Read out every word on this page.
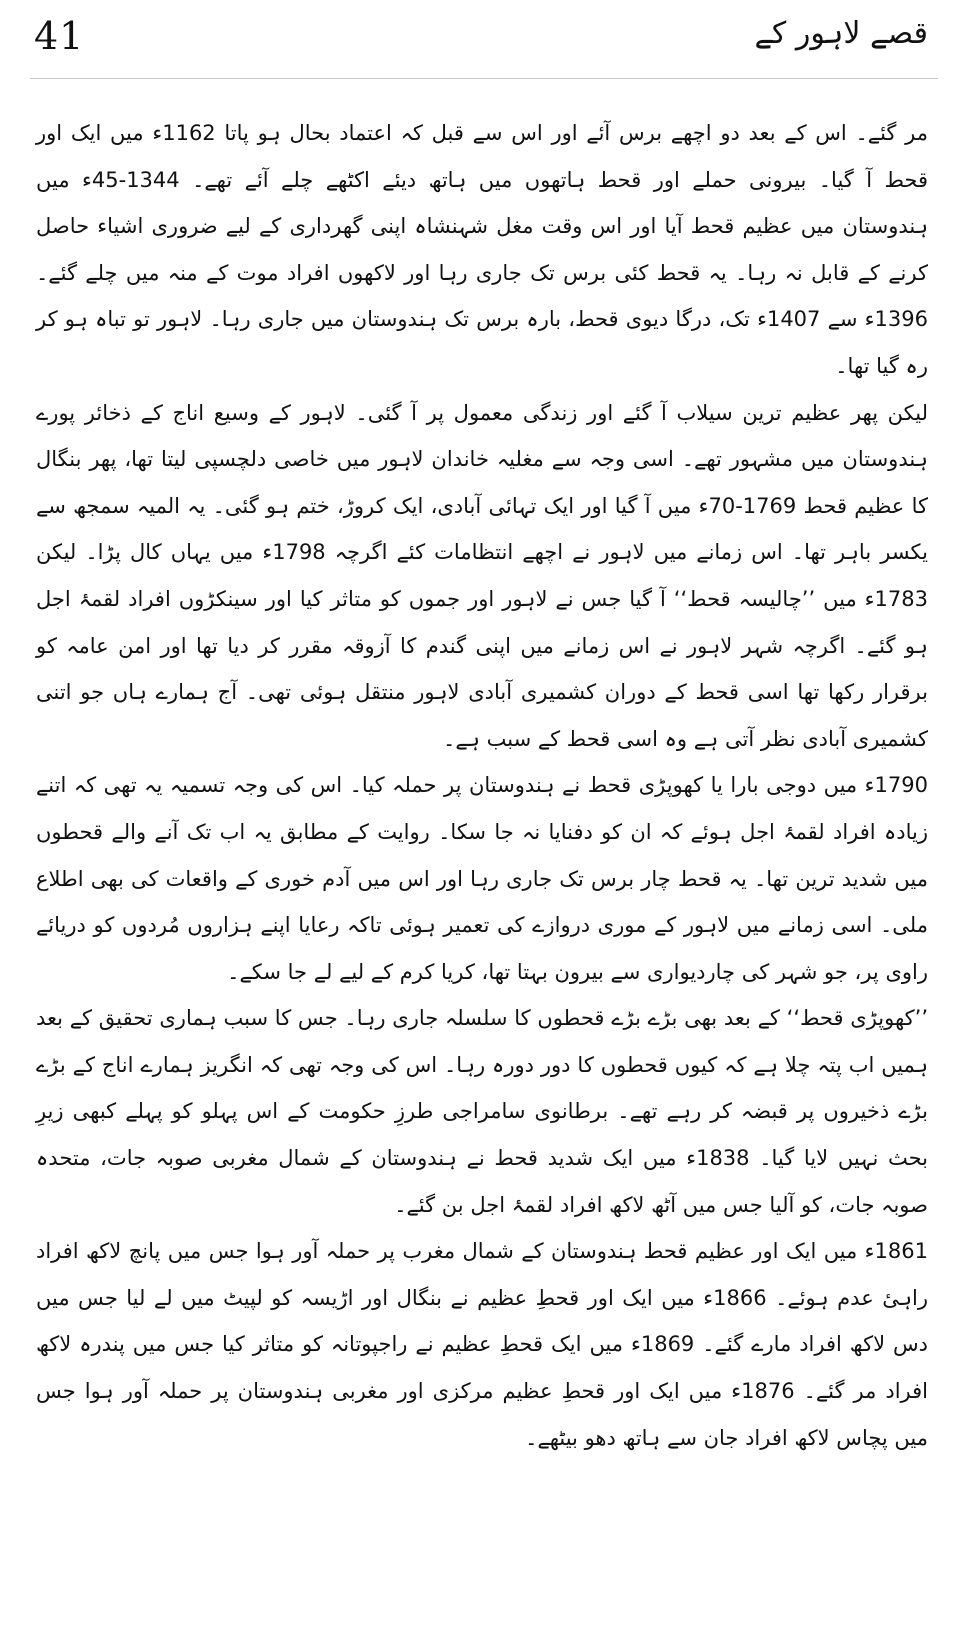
41	قصے لاہور کے

مر گئے۔ اس کے بعد دو اچھے برس آئے اور اس سے قبل کہ اعتماد بحال ہو پاتا 1162ء میں ایک اور قحط آ گیا۔ بیرونی حملے اور قحط ہاتھوں میں ہاتھ دیئے اکٹھے چلے آئے تھے۔ 1344-45ء میں ہندوستان میں عظیم قحط آیا اور اس وقت مغل شہنشاہ اپنی گھرداری کے لیے ضروری اشیاء حاصل کرنے کے قابل نہ رہا۔ یہ قحط کئی برس تک جاری رہا اور لاکھوں افراد موت کے منہ میں چلے گئے۔ 1396ء سے 1407ء تک، درگا دیوی قحط، بارہ برس تک ہندوستان میں جاری رہا۔ لاہور تو تباہ ہو کر رہ گیا تھا۔

لیکن پھر عظیم ترین سیلاب آ گئے اور زندگی معمول پر آ گئی۔ لاہور کے وسیع اناج کے ذخائر پورے ہندوستان میں مشہور تھے۔ اسی وجہ سے مغلیہ خاندان لاہور میں خاصی دلچسپی لیتا تھا، پھر بنگال کا عظیم قحط 1769-70ء میں آ گیا اور ایک تہائی آبادی، ایک کروڑ، ختم ہو گئی۔ یہ المیہ سمجھ سے یکسر باہر تھا۔ اس زمانے میں لاہور نے اچھے انتظامات کئے اگرچہ 1798ء میں یہاں کال پڑا۔ لیکن 1783ء میں ’’چالیسہ قحط‘‘ آ گیا جس نے لاہور اور جموں کو متاثر کیا اور سینکڑوں افراد لقمۂ اجل ہو گئے۔ اگرچہ شہر لاہور نے اس زمانے میں اپنی گندم کا آزوقہ مقرر کر دیا تھا اور امن عامہ کو برقرار رکھا تھا اسی قحط کے دوران کشمیری آبادی لاہور منتقل ہوئی تھی۔ آج ہمارے ہاں جو اتنی کشمیری آبادی نظر آتی ہے وہ اسی قحط کے سبب ہے۔

1790ء میں دوجی بارا یا کھوپڑی قحط نے ہندوستان پر حملہ کیا۔ اس کی وجہ تسمیہ یہ تھی کہ اتنے زیادہ افراد لقمۂ اجل ہوئے کہ ان کو دفنایا نہ جا سکا۔ روایت کے مطابق یہ اب تک آنے والے قحطوں میں شدید ترین تھا۔ یہ قحط چار برس تک جاری رہا اور اس میں آدم خوری کے واقعات کی بھی اطلاع ملی۔ اسی زمانے میں لاہور کے موری دروازے کی تعمیر ہوئی تاکہ رعایا اپنے ہزاروں مُردوں کو دریائے راوی پر، جو شہر کی چاردیواری سے بیرون بہتا تھا، کریا کرم کے لیے لے جا سکے۔

’’کھوپڑی قحط‘‘ کے بعد بھی بڑے بڑے قحطوں کا سلسلہ جاری رہا۔ جس کا سبب ہماری تحقیق کے بعد ہمیں اب پتہ چلا ہے کہ کیوں قحطوں کا دور دورہ رہا۔ اس کی وجہ تھی کہ انگریز ہمارے اناج کے بڑے بڑے ذخیروں پر قبضہ کر رہے تھے۔ برطانوی سامراجی طرزِ حکومت کے اس پہلو کو پہلے کبھی زیرِ بحث نہیں لایا گیا۔ 1838ء میں ایک شدید قحط نے ہندوستان کے شمال مغربی صوبہ جات، متحدہ صوبہ جات، کو آلیا جس میں آٹھ لاکھ افراد لقمۂ اجل بن گئے۔

1861ء میں ایک اور عظیم قحط ہندوستان کے شمال مغرب پر حملہ آور ہوا جس میں پانچ لاکھ افراد راہیٔ عدم ہوئے۔ 1866ء میں ایک اور قحطِ عظیم نے بنگال اور اڑیسہ کو لپیٹ میں لے لیا جس میں دس لاکھ افراد مارے گئے۔ 1869ء میں ایک قحطِ عظیم نے راجپوتانہ کو متاثر کیا جس میں پندرہ لاکھ افراد مر گئے۔ 1876ء میں ایک اور قحطِ عظیم مرکزی اور مغربی ہندوستان پر حملہ آور ہوا جس میں پچاس لاکھ افراد جان سے ہاتھ دھو بیٹھے۔
